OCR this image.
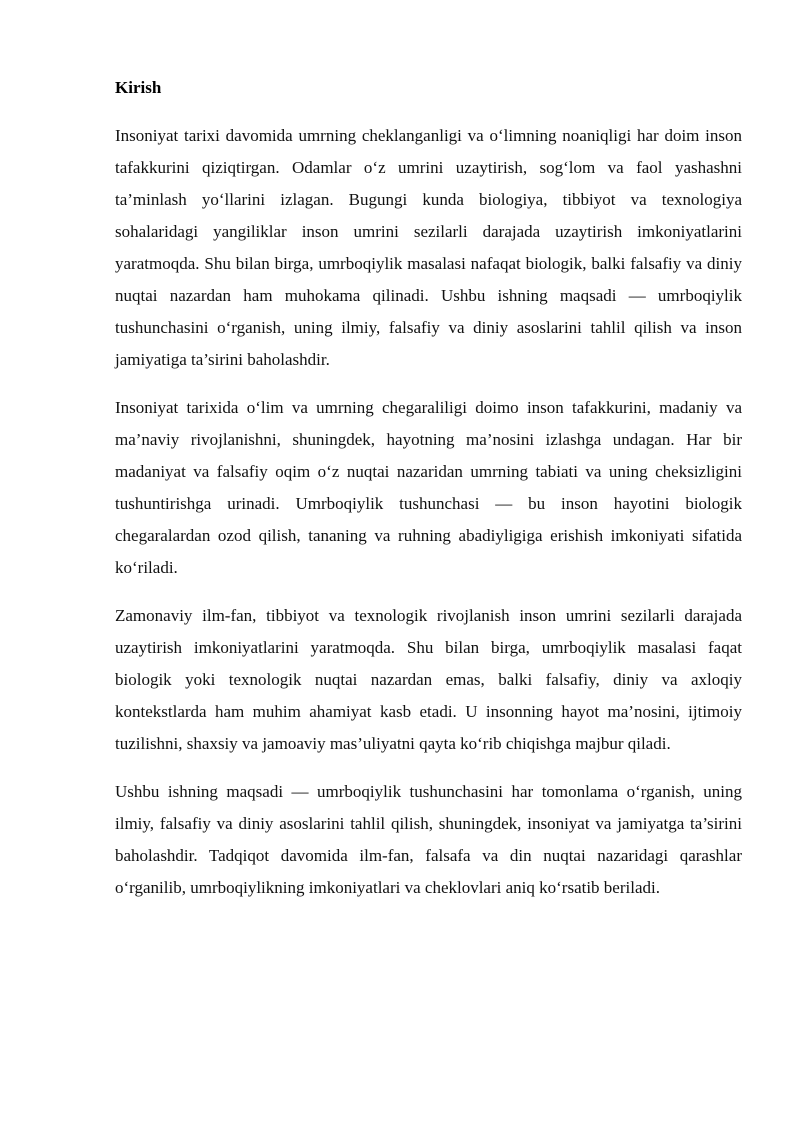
Kirish

Insoniyat tarixi davomida umrning cheklanganligi va o‘limning noaniqligi har doim inson tafakkurini qiziqtirgan. Odamlar o‘z umrini uzaytirish, sog‘lom va faol yashashni ta’minlash yo‘llarini izlagan. Bugungi kunda biologiya, tibbiyot va texnologiya sohalaridagi yangiliklar inson umrini sezilarli darajada uzaytirish imkoniyatlarini yaratmoqda. Shu bilan birga, umrboqiylik masalasi nafaqat biologik, balki falsafiy va diniy nuqtai nazardan ham muhokama qilinadi. Ushbu ishning maqsadi — umrboqiylik tushunchasini o‘rganish, uning ilmiy, falsafiy va diniy asoslarini tahlil qilish va inson jamiyatiga ta’sirini baholashdir.

Insoniyat tarixida o‘lim va umrning chegaraliligi doimo inson tafakkurini, madaniy va ma’naviy rivojlanishni, shuningdek, hayotning ma’nosini izlashga undagan. Har bir madaniyat va falsafiy oqim o‘z nuqtai nazaridan umrning tabiati va uning cheksizligini tushuntirishga urinadi. Umrboqiylik tushunchasi — bu inson hayotini biologik chegaralardan ozod qilish, tananing va ruhning abadiyligiga erishish imkoniyati sifatida ko‘riladi.

Zamonaviy ilm-fan, tibbiyot va texnologik rivojlanish inson umrini sezilarli darajada uzaytirish imkoniyatlarini yaratmoqda. Shu bilan birga, umrboqiylik masalasi faqat biologik yoki texnologik nuqtai nazardan emas, balki falsafiy, diniy va axloqiy kontekstlarda ham muhim ahamiyat kasb etadi. U insonning hayot ma’nosini, ijtimoiy tuzilishni, shaxsiy va jamoaviy mas’uliyatni qayta ko‘rib chiqishga majbur qiladi.

Ushbu ishning maqsadi — umrboqiylik tushunchasini har tomonlama o‘rganish, uning ilmiy, falsafiy va diniy asoslarini tahlil qilish, shuningdek, insoniyat va jamiyatga ta’sirini baholashdir. Tadqiqot davomida ilm-fan, falsafa va din nuqtai nazaridagi qarashlar o‘rganilib, umrboqiylikning imkoniyatlari va cheklovlari aniq ko‘rsatib beriladi.
